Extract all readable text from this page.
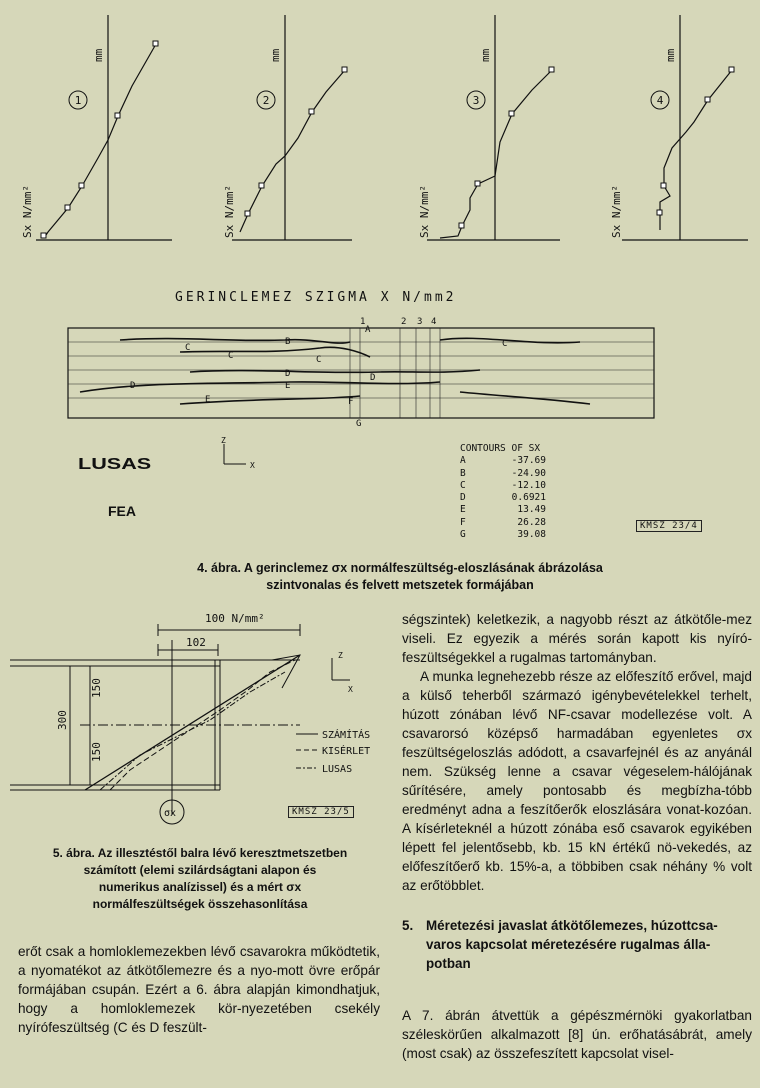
1	2	3	4
Sx N/mm²	Sx N/mm²	Sx N/mm²	Sx N/mm²
mm	mm	mm	mm
GERINCLEMEZ SZIGMA X N/mm2
1	2 3 4
A
C
B
C	C
C
D
D	D
E
E
F
G
LUSAS
FEA
Z
X
CONTOURS OF SX
A	-37.69
B	-24.90
C	-12.10
D	0.6921
E	13.49
F	26.28
G	39.08
KMSZ 23/4
4. ábra. A gerinclemez σx normálfeszültség-eloszlásának ábrázolása
szintvonalas és felvett metszetek formájában
100 N/mm²
102
150
300
150
Z
X
SZÁMÍTÁS
KISÉRLET
LUSAS
σx	KMSZ 23/5
5. ábra. Az illesztéstől balra lévő keresztmetszetben
számított (elemi szilárdságtani alapon és
numerikus analízissel) és a mért σx
normálfeszültségek összehasonlítása

erőt csak a homloklemezekben lévő csavarokra működtetik, a nyomatékot az átkötőlemezre és a nyo-mott övre erőpár formájában csupán. Ezért a 6. ábra alapján kimondhatjuk, hogy a homloklemezek kör-nyezetében csekély nyírófeszültség (C és D feszült-

ségszintek) keletkezik, a nagyobb részt az átkötőle-mez viseli. Ez egyezik a mérés során kapott kis nyíró-feszültségekkel a rugalmas tartományban.

A munka legnehezebb része az előfeszítő erővel, majd a külső teherből származó igénybevételekkel terhelt, húzott zónában lévő NF-csavar modellezése volt. A csavarorsó középső harmadában egyenletes σx feszültségeloszlás adódott, a csavarfejnél és az anyánál nem. Szükség lenne a csavar végeselem-hálójának sűrítésére, amely pontosabb és megbízha-tóbb eredményt adna a feszítőerők eloszlására vonat-kozóan. A kísérleteknél a húzott zónába eső csavarok egyikében lépett fel jelentősebb, kb. 15 kN értékű nö-vekedés, az előfeszítőerő kb. 15%-a, a többiben csak néhány % volt az erőtöbblet.

5. Méretezési javaslat átkötőlemezes, húzottcsa-varos kapcsolat méretezésére rugalmas álla-potban

A 7. ábrán átvettük a gépészmérnöki gyakorlatban széleskörűen alkalmazott [8] ún. erőhatásábrát, amely (most csak) az összefeszített kapcsolat visel-
